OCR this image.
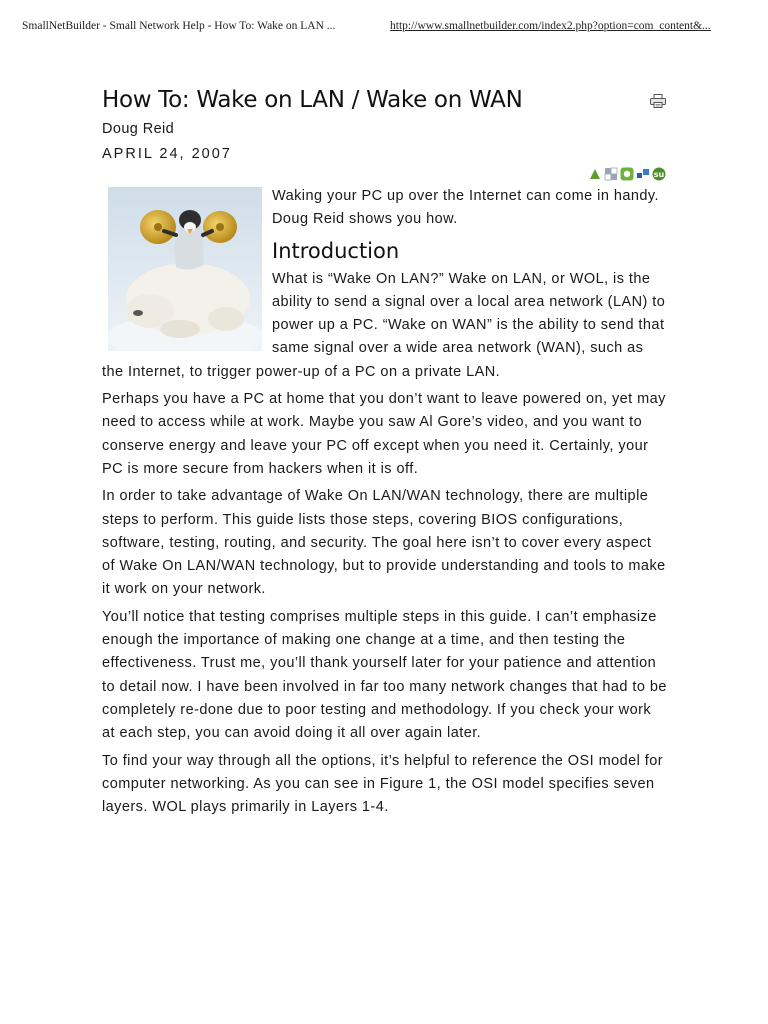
SmallNetBuilder - Small Network Help - How To: Wake on LAN ...	http://www.smallnetbuilder.com/index2.php?option=com_content&...
How To: Wake on LAN / Wake on WAN
Doug Reid
APRIL 24, 2007
su

Waking your PC up over the Internet can come in handy. Doug Reid shows you how.

Introduction

What is “Wake On LAN?” Wake on LAN, or WOL, is the ability to send a signal over a local area network (LAN) to power up a PC. “Wake on WAN” is the ability to send that same signal over a wide area network (WAN), such as the Internet, to trigger power-up of a PC on a private LAN.

Perhaps you have a PC at home that you don’t want to leave powered on, yet may need to access while at work. Maybe you saw Al Gore’s video, and you want to conserve energy and leave your PC off except when you need it. Certainly, your PC is more secure from hackers when it is off.

In order to take advantage of Wake On LAN/WAN technology, there are multiple steps to perform. This guide lists those steps, covering BIOS configurations, software, testing, routing, and security. The goal here isn’t to cover every aspect of Wake On LAN/WAN technology, but to provide understanding and tools to make it work on your network.

You’ll notice that testing comprises multiple steps in this guide. I can’t emphasize enough the importance of making one change at a time, and then testing the effectiveness. Trust me, you’ll thank yourself later for your patience and attention to detail now. I have been involved in far too many network changes that had to be completely re-done due to poor testing and methodology. If you check your work at each step, you can avoid doing it all over again later.

To find your way through all the options, it’s helpful to reference the OSI model for computer networking. As you can see in Figure 1, the OSI model specifies seven layers. WOL plays primarily in Layers 1-4.
